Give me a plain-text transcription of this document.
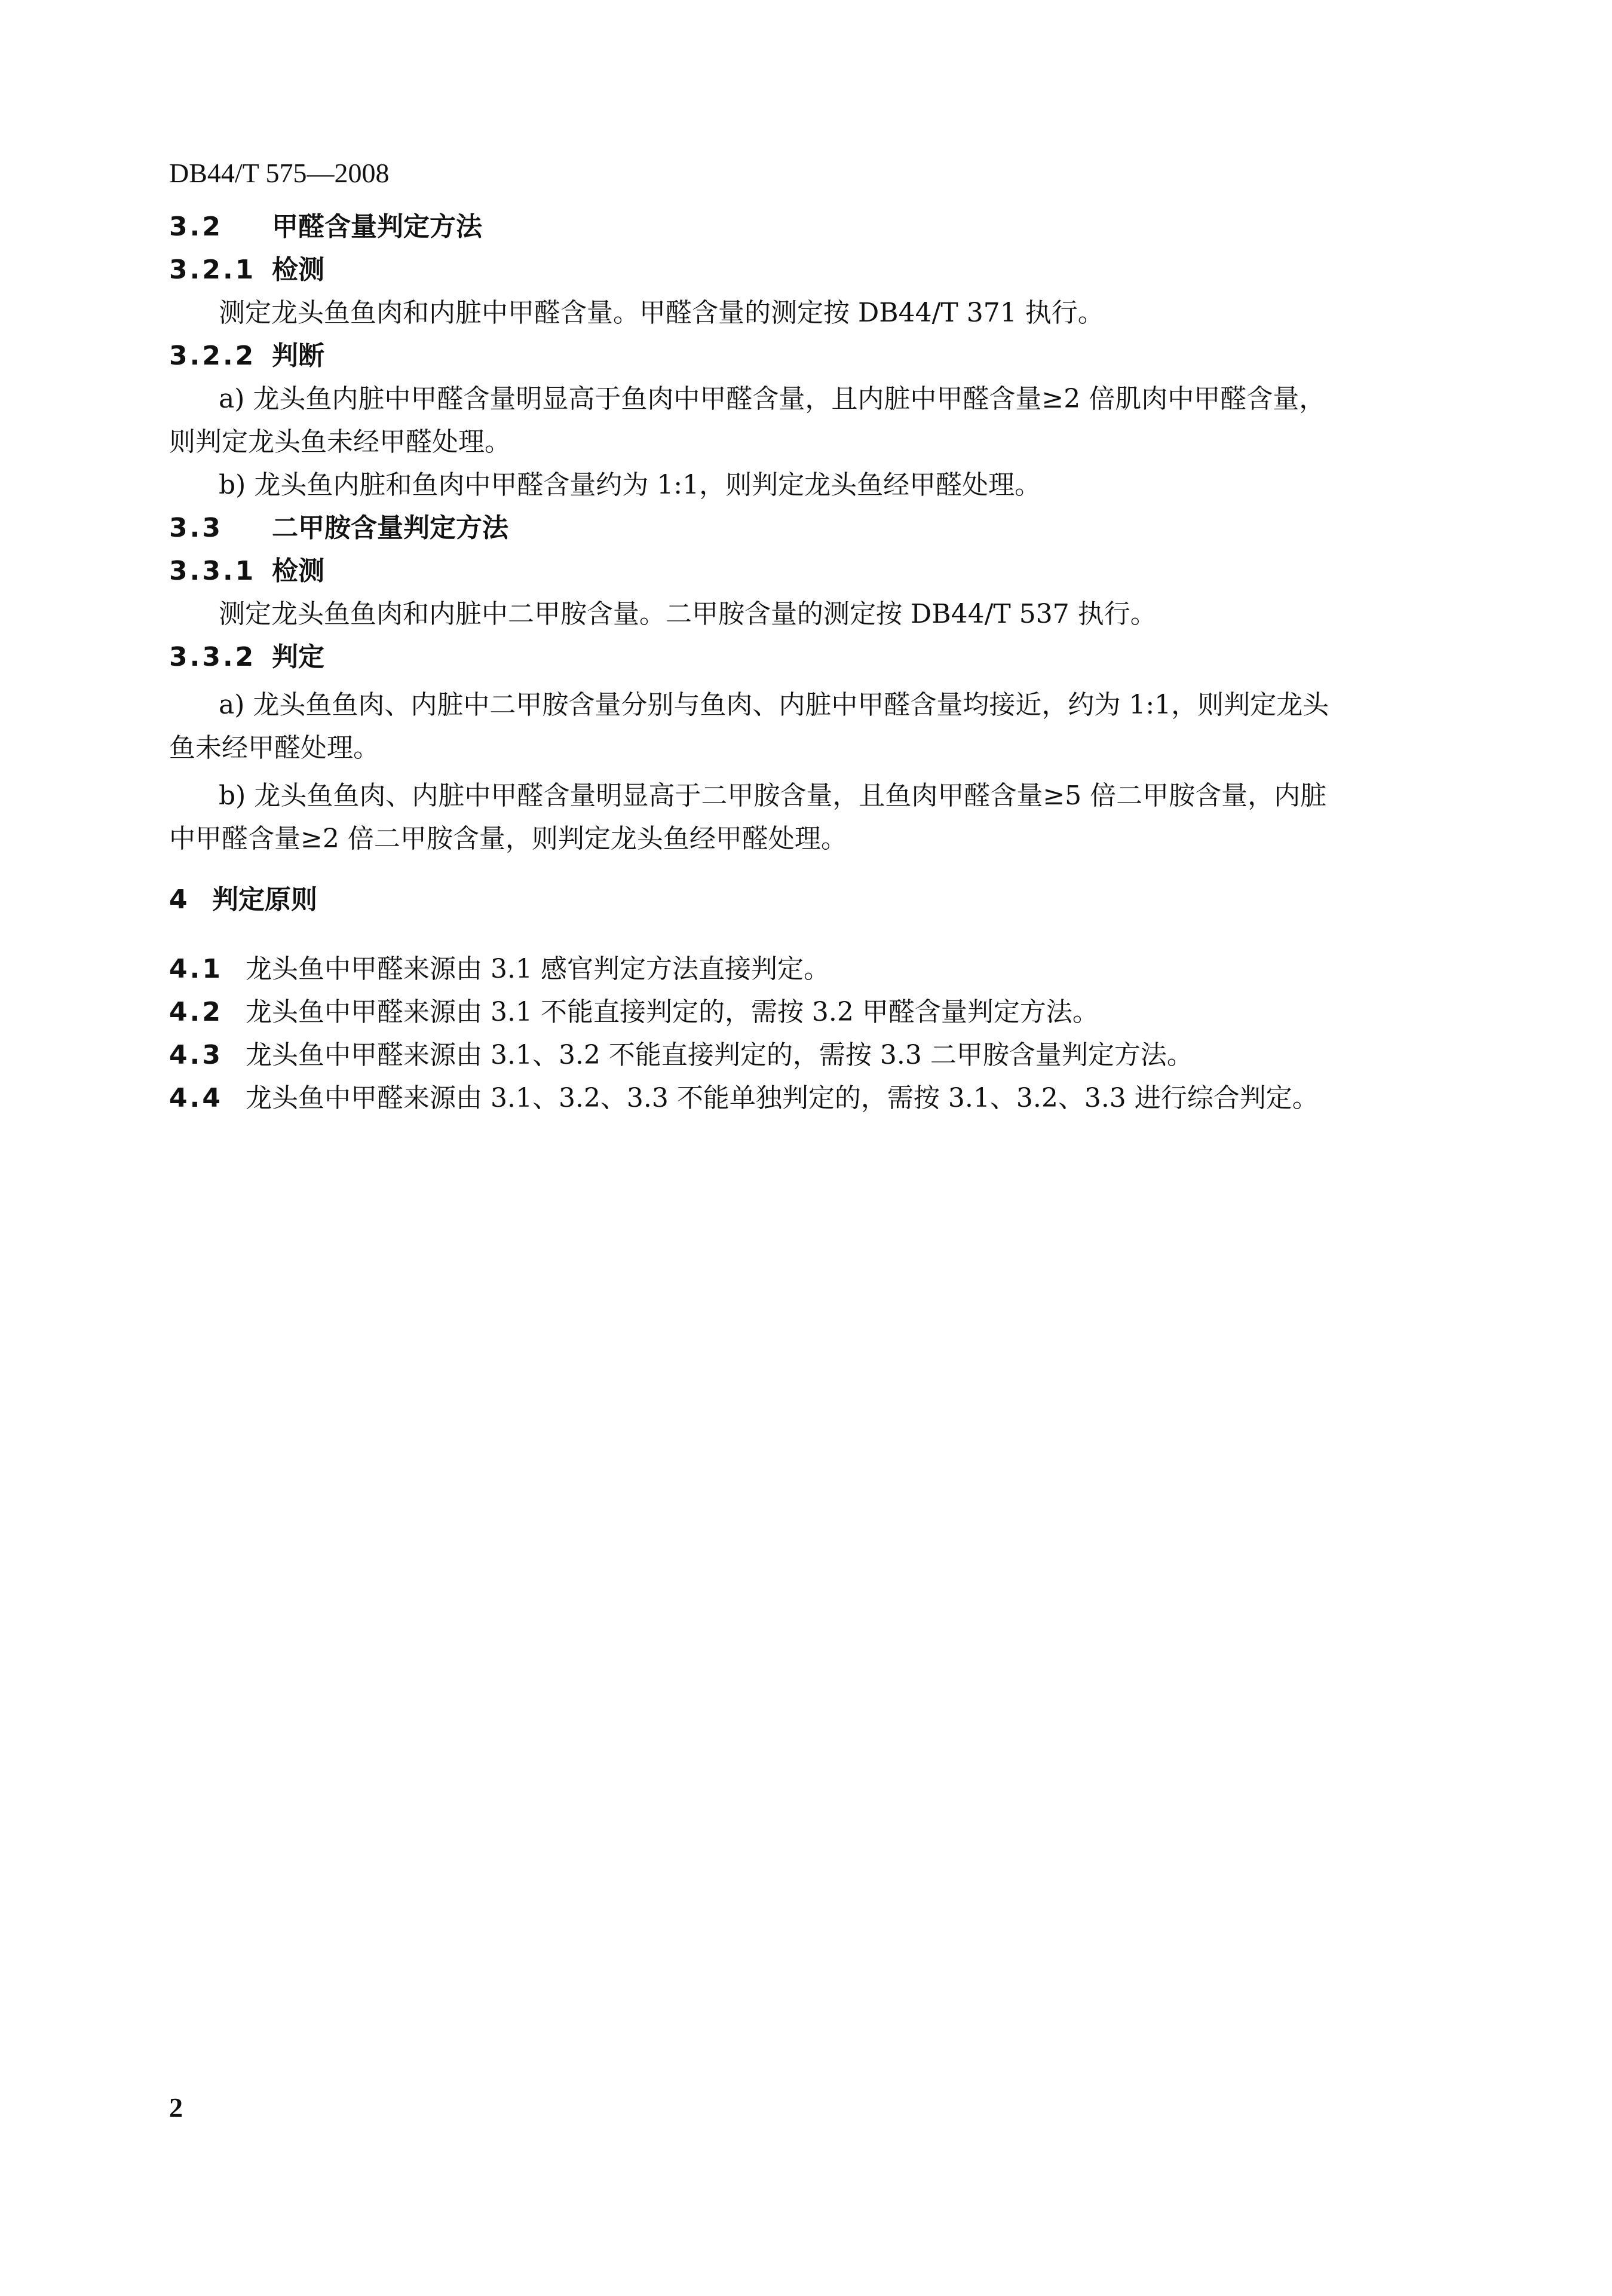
DB44/T 575—2008
3.2 甲醛含量判定方法
3.2.1 检测
测定龙头鱼鱼肉和内脏中甲醛含量。甲醛含量的测定按 DB44/T 371 执行。
3.2.2 判断
a) 龙头鱼内脏中甲醛含量明显高于鱼肉中甲醛含量，且内脏中甲醛含量≥2 倍肌肉中甲醛含量，
则判定龙头鱼未经甲醛处理。
b) 龙头鱼内脏和鱼肉中甲醛含量约为 1:1，则判定龙头鱼经甲醛处理。
3.3 二甲胺含量判定方法
3.3.1 检测
测定龙头鱼鱼肉和内脏中二甲胺含量。二甲胺含量的测定按 DB44/T 537 执行。
3.3.2 判定
a) 龙头鱼鱼肉、内脏中二甲胺含量分别与鱼肉、内脏中甲醛含量均接近，约为 1:1，则判定龙头
鱼未经甲醛处理。
b) 龙头鱼鱼肉、内脏中甲醛含量明显高于二甲胺含量，且鱼肉甲醛含量≥5 倍二甲胺含量，内脏
中甲醛含量≥2 倍二甲胺含量，则判定龙头鱼经甲醛处理。
4 判定原则
4.1 龙头鱼中甲醛来源由 3.1 感官判定方法直接判定。
4.2 龙头鱼中甲醛来源由 3.1 不能直接判定的，需按 3.2 甲醛含量判定方法。
4.3 龙头鱼中甲醛来源由 3.1、3.2 不能直接判定的，需按 3.3 二甲胺含量判定方法。
4.4 龙头鱼中甲醛来源由 3.1、3.2、3.3 不能单独判定的，需按 3.1、3.2、3.3 进行综合判定。
2
